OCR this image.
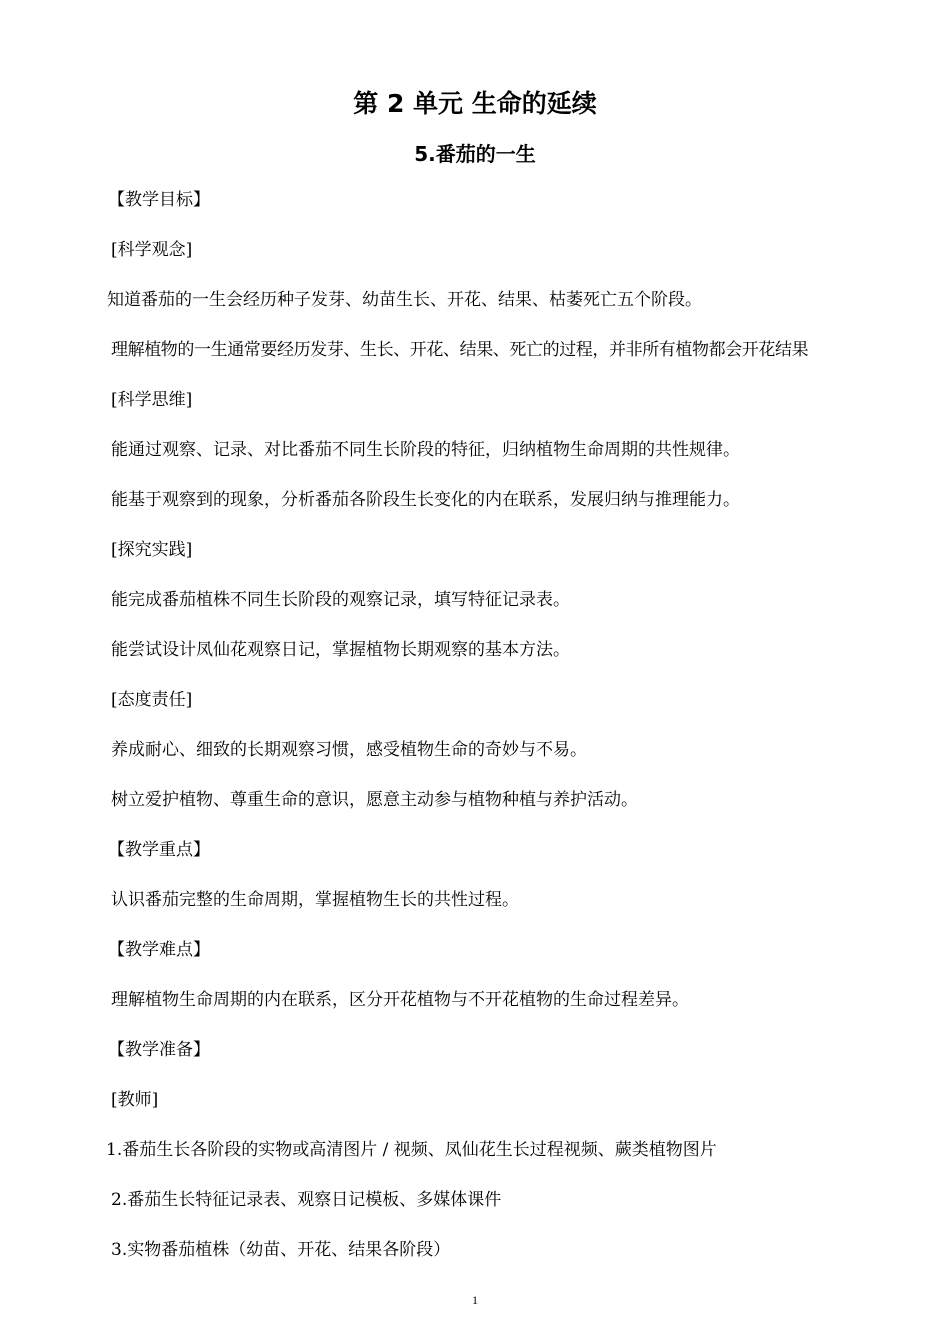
第 2 单元 生命的延续
5.番茄的一生
【教学目标】
[科学观念]
知道番茄的一生会经历种子发芽、幼苗生长、开花、结果、枯萎死亡五个阶段。
理解植物的一生通常要经历发芽、生长、开花、结果、死亡的过程，并非所有植物都会开花结果
[科学思维]
能通过观察、记录、对比番茄不同生长阶段的特征，归纳植物生命周期的共性规律。
能基于观察到的现象，分析番茄各阶段生长变化的内在联系，发展归纳与推理能力。
[探究实践]
能完成番茄植株不同生长阶段的观察记录，填写特征记录表。
能尝试设计凤仙花观察日记，掌握植物长期观察的基本方法。
[态度责任]
养成耐心、细致的长期观察习惯，感受植物生命的奇妙与不易。
树立爱护植物、尊重生命的意识，愿意主动参与植物种植与养护活动。
【教学重点】
认识番茄完整的生命周期，掌握植物生长的共性过程。
【教学难点】
理解植物生命周期的内在联系，区分开花植物与不开花植物的生命过程差异。
【教学准备】
[教师]
1.番茄生长各阶段的实物或高清图片 / 视频、凤仙花生长过程视频、蕨类植物图片
2.番茄生长特征记录表、观察日记模板、多媒体课件
3.实物番茄植株（幼苗、开花、结果各阶段）
1
